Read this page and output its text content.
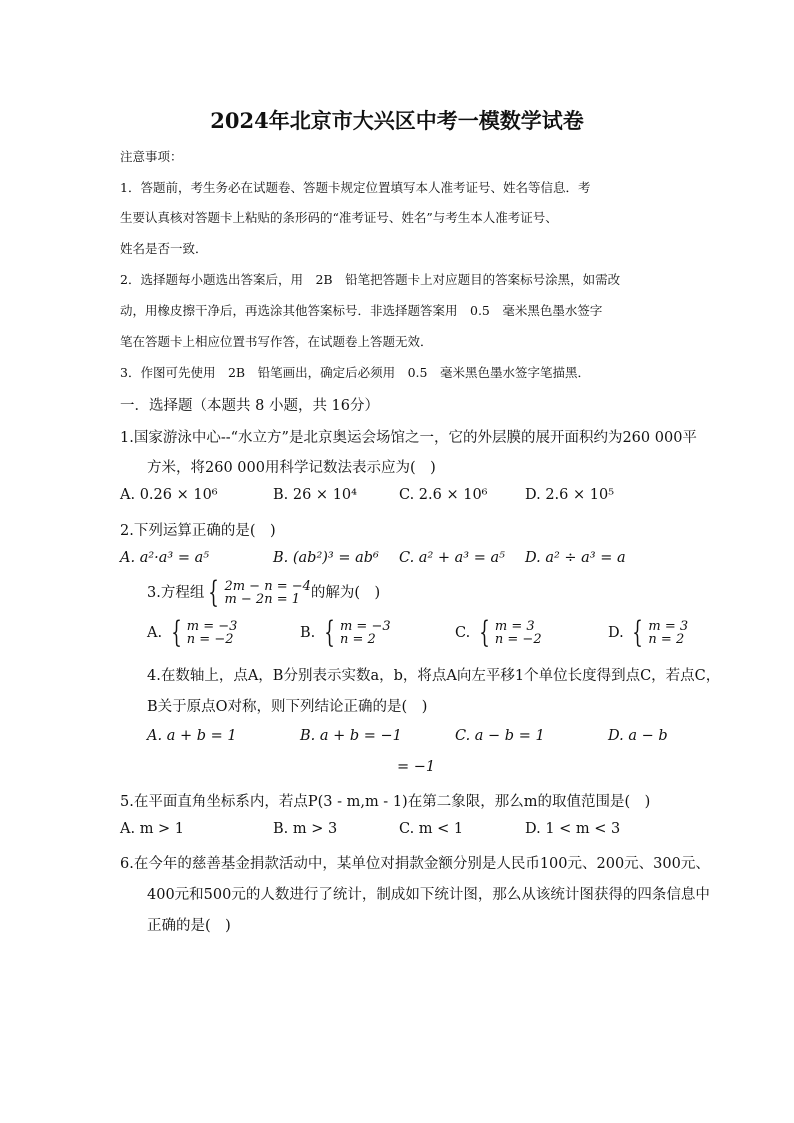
2024年北京市大兴区中考一模数学试卷
注意事项：
1．答题前，考生务必在试题卷、答题卡规定位置填写本人准考证号、姓名等信息．考
生要认真核对答题卡上粘贴的条形码的“准考证号、姓名”与考生本人准考证号、
姓名是否一致．
2．选择题每小题选出答案后，用　2B　铅笔把答题卡上对应题目的答案标号涂黑，如需改
动，用橡皮擦干净后，再选涂其他答案标号．非选择题答案用　0.5　毫米黑色墨水签字
笔在答题卡上相应位置书写作答，在试题卷上答题无效．
3．作图可先使用　2B　铅笔画出，确定后必须用　0.5　毫米黑色墨水签字笔描黑．
一．选择题（本题共 8 小题，共 16分）
1.国家游泳中心--“水立方”是北京奥运会场馆之一，它的外层膜的展开面积约为260 000平
方米，将260 000用科学记数法表示应为(　)
A. 0.26 × 10⁶	B. 26 × 10⁴	C. 2.6 × 10⁶	D. 2.6 × 10⁵
2.下列运算正确的是(　)
A. a²·a³ = a⁵	B. (ab²)³ = ab⁶ C. a² + a³ = a⁵ D. a² ÷ a³ = a
3.方程组 { 2m − n = −4
m − 2n = 1 的解为(　)
A. { m = −3
n = −2	B. { m = −3
n = 2	C. { m = 3
n = −2	D. { m = 3
n = 2
4.在数轴上，点A，B分别表示实数a，b，将点A向左平移1个单位长度得到点C，若点C，
B关于原点O对称，则下列结论正确的是(　)
A. a + b = 1	B. a + b = −1	C. a − b = 1	D. a − b
= −1
5.在平面直角坐标系内，若点P(3 - m,m - 1)在第二象限，那么m的取值范围是(　)
A. m > 1	B. m > 3	C. m < 1	D. 1 < m < 3
6.在今年的慈善基金捐款活动中，某单位对捐款金额分别是人民币100元、200元、300元、
400元和500元的人数进行了统计，制成如下统计图，那么从该统计图获得的四条信息中
正确的是(　)
